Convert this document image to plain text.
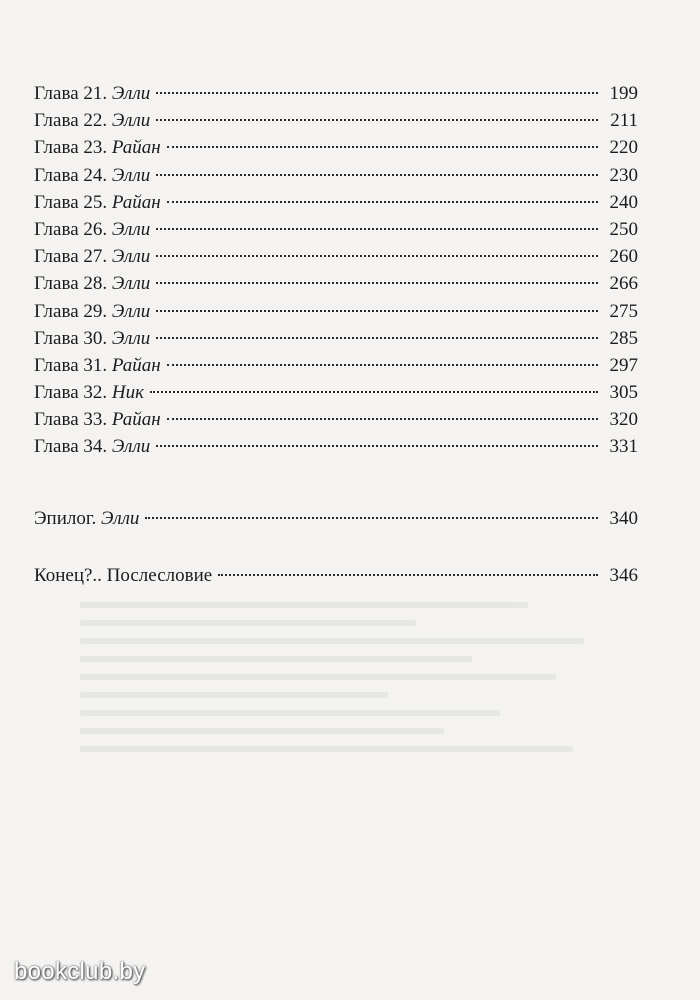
Глава 21. Элли	199
Глава 22. Элли	211
Глава 23. Райан	220
Глава 24. Элли	230
Глава 25. Райан	240
Глава 26. Элли	250
Глава 27. Элли	260
Глава 28. Элли	266
Глава 29. Элли	275
Глава 30. Элли	285
Глава 31. Райан	297
Глава 32. Ник	305
Глава 33. Райан	320
Глава 34. Элли	331
Эпилог. Элли	340
Конец?.. Послесловие	346
bookclub.by
